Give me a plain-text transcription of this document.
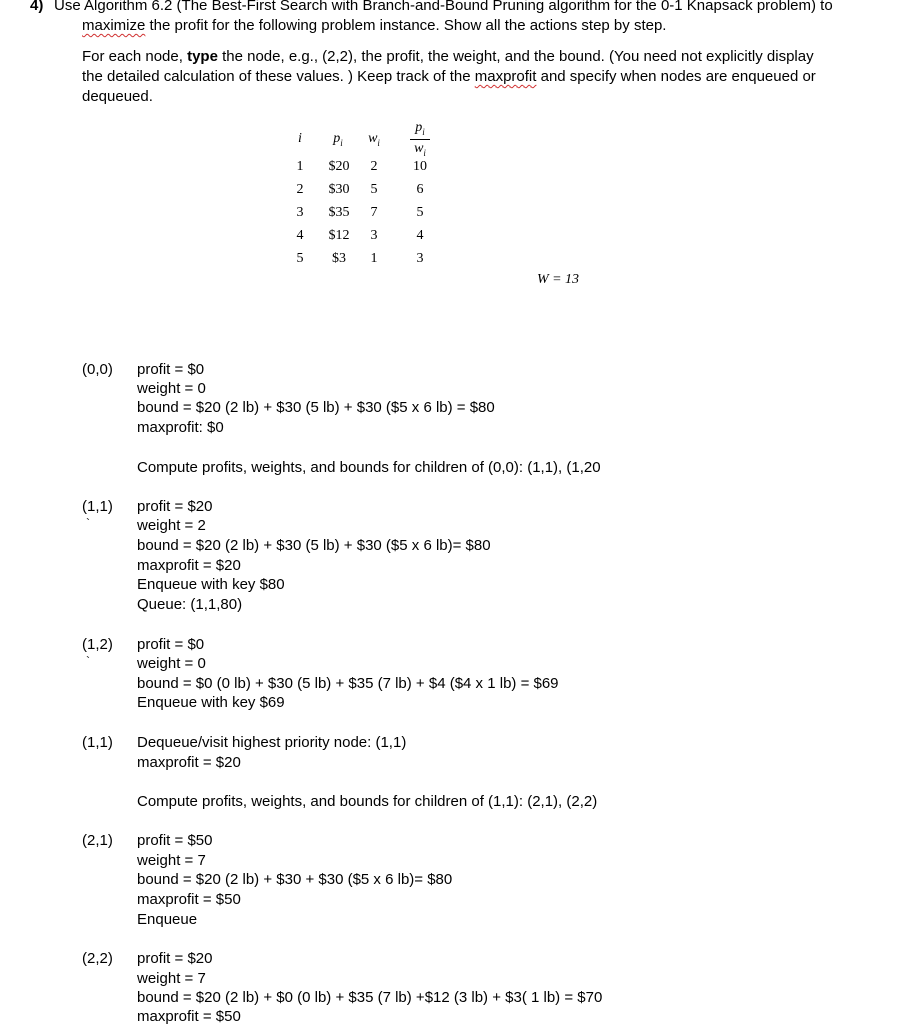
4) Use Algorithm 6.2 (The Best-First Search with Branch-and-Bound Pruning algorithm for the 0-1 Knapsack problem) to
maximize the profit for the following problem instance. Show all the actions step by step.
For each node, type the node, e.g., (2,2), the profit, the weight, and the bound. (You need not explicitly display
the detailed calculation of these values. ) Keep track of the maxprofit and specify when nodes are enqueued or
dequeued.
i	$p_i$	$w_i$
$p_i$
$w_i$
1	$20	2	10
2	$30	5	6
3	$35	7	5
4	$12	3	4
5	$3	1	3
W = 13
(0,0) profit = $0
weight = 0
bound = $20 (2 lb) + $30 (5 lb) + $30 ($5 x 6 lb) = $80
maxprofit: $0
Compute profits, weights, and bounds for children of (0,0): (1,1), (1,20
(1,1)
`
profit = $20
weight = 2
bound = $20 (2 lb) + $30 (5 lb) + $30 ($5 x 6 lb)= $80
maxprofit = $20
Enqueue with key $80
Queue: (1,1,80)
(1,2)
`
profit = $0
weight = 0
bound = $0 (0 lb) + $30 (5 lb) + $35 (7 lb) + $4 ($4 x 1 lb) = $69
Enqueue with key $69
(1,1) Dequeue/visit highest priority node: (1,1)
maxprofit = $20
Compute profits, weights, and bounds for children of (1,1): (2,1), (2,2)
(2,1) profit = $50
weight = 7
bound = $20 (2 lb) + $30 + $30 ($5 x 6 lb)= $80
maxprofit = $50
Enqueue
(2,2) profit = $20
weight = 7
bound = $20 (2 lb) + $0 (0 lb) + $35 (7 lb) +$12 (3 lb) + $3( 1 lb) = $70
maxprofit = $50
